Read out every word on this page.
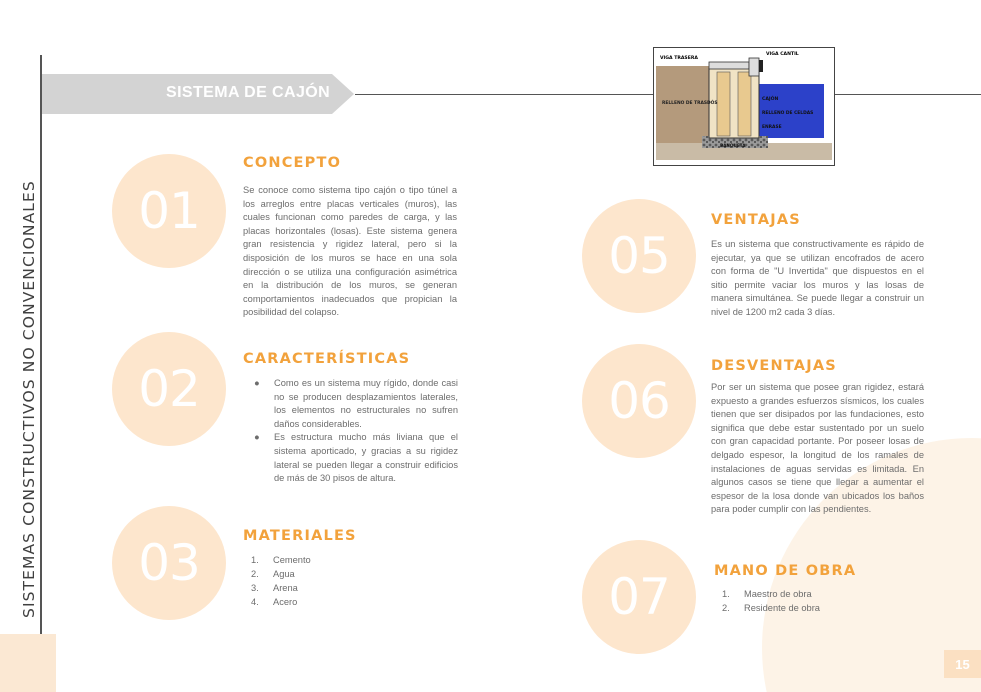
SISTEMAS CONSTRUCTIVOS NO CONVENCIONALES
SISTEMA DE CAJÓN
VIGA TRASERA
VIGA CANTIL
RELLENO DE TRASDÓS
CAJÓN
RELLENO DE CELDAS
ENRASE
BANQUETA
01
CONCEPTO

Se conoce como sistema tipo cajón o tipo túnel a los arreglos entre placas verticales (muros), las cuales funcionan como paredes de carga, y las placas horizontales (losas). Este sistema genera gran resistencia y rigidez lateral, pero si la disposición de los muros se hace en una sola dirección o se utiliza una configuración asimétrica en la distribución de los muros, se generan comportamientos inadecuados que propician la posibilidad del colapso.

02
CARACTERÍSTICAS
● Como es un sistema muy rígido, donde casi no se producen desplazamientos laterales, los elementos no estructurales no sufren daños considerables.
● Es estructura mucho más liviana que el sistema aporticado, y gracias a su rigidez lateral se pueden llegar a construir edificios de más de 30 pisos de altura.
03	MATERIALES
1. Cemento
2. Agua
3. Arena
4. Acero
05
VENTAJAS

Es un sistema que constructivamente es rápido de ejecutar, ya que se utilizan encofrados de acero con forma de "U Invertida" que dispuestos en el sitio permite vaciar los muros y las losas de manera simultánea. Se puede llegar a construir un nivel de 1200 m2 cada 3 días.

06
DESVENTAJAS

Por ser un sistema que posee gran rigidez, estará expuesto a grandes esfuerzos sísmicos, los cuales tienen que ser disipados por las fundaciones, esto significa que debe estar sustentado por un suelo con gran capacidad portante. Por poseer losas de delgado espesor, la longitud de los ramales de instalaciones de aguas servidas es limitada. En algunos casos se tiene que llegar a aumentar el espesor de la losa donde van ubicados los baños para poder cumplir con las pendientes.

07	MANO DE OBRA
1. Maestro de obra
2. Residente de obra
15
